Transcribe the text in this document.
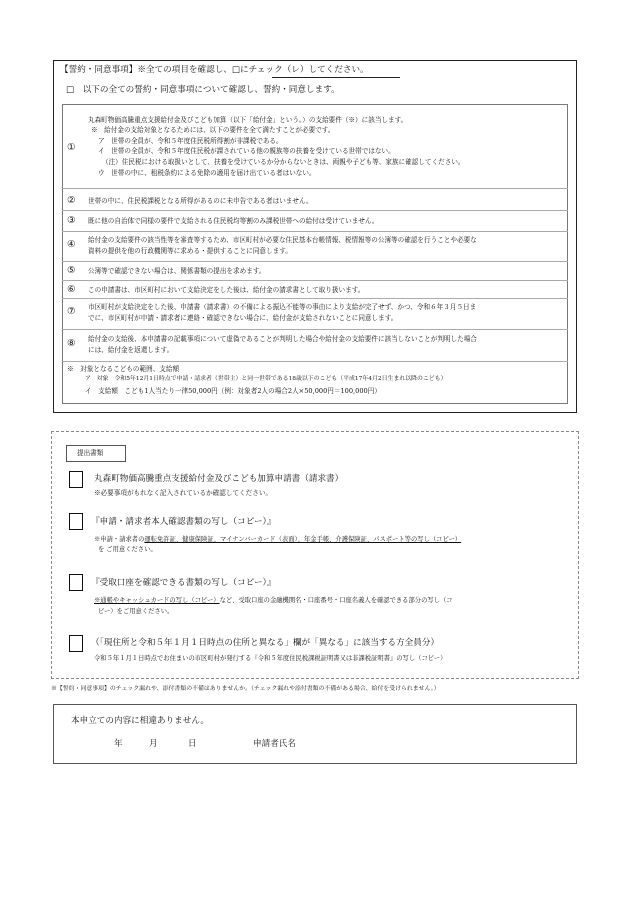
【誓約・同意事項】※全ての項目を確認し、□にチェック（レ）してください。
□　以下の全ての誓約・同意事項について確認し、誓約・同意します。
①
丸森町物価高騰重点支援給付金及びこども加算（以下「給付金」という。）の支給要件（※）に該当します。
※　給付金の支給対象となるためには、以下の要件を全て満たすことが必要です。
ア　世帯の全員が、令和５年度住民税所得割が非課税である。
イ　世帯の全員が、令和５年度住民税が課されている他の親族等の扶養を受けている世帯ではない。
（注）住民税における取扱いとして、扶養を受けているか分からないときは、両親や子ども等、家族に確認してください。
ウ　世帯の中に、租税条約による免除の適用を届け出ている者はいない。
② 世帯の中に、住民税課税となる所得があるのに未申告である者はいません。
③ 既に他の自治体で同様の要件で支給される住民税均等割のみ課税世帯への給付は受けていません。
④ 給付金の支給要件の該当性等を審査等するため、市区町村が必要な住民基本台帳情報、税情報等の公簿等の確認を行うことや必要な
資料の提供を他の行政機関等に求める・提供することに同意します。
⑤ 公簿等で確認できない場合は、関係書類の提出を求めます。
⑥ この申請書は、市区町村において支給決定をした後は、給付金の請求書として取り扱います。
⑦ 市区町村が支給決定をした後、申請書（請求書）の不備による振込不能等の事由により支給が完了せず、かつ、令和６年３月５日ま
でに、市区町村が申請・請求者に連絡・確認できない場合に、給付金が支給されないことに同意します。
⑧ 給付金の支給後、本申請書の記載事項について虚偽であることが判明した場合や給付金の支給要件に該当しないことが判明した場合
には、給付金を返還します。
※　対象となるこどもの範囲、支給額
ア　対象　令和5年12月1日時点で申請・請求者（世帯主）と同一世帯である18歳以下のこども（平成17年4月2日生まれ以降のこども）
イ　支給額　こども1人当たり一律50,000円（例：対象者2人の場合2人×50,000円＝100,000円）
提出書類
丸森町物価高騰重点支援給付金及びこども加算申請書（請求書）
※必要事項がもれなく記入されているか確認してください。
『申請・請求者本人確認書類の写し（コピー）』
※申請・請求者の運転免許証、健康保険証、マイナンバーカード（表面）、年金手帳、介護保険証、パスポート等の写し（コピー）
を ご用意ください。
『受取口座を確認できる書類の写し（コピー）』
※通帳やキャッシュカードの写し（コピー）など、受取口座の金融機関名・口座番号・口座名義人を確認できる部分の写し（コ
ピー）をご用意ください。
（「現住所と令和５年１月１日時点の住所と異なる」欄が「異なる」に該当する方全員分）
令和５年１月１日時点でお住まいの市区町村が発行する『令和５年度住民税課税証明書又は非課税証明書』の写し（コピー）
※【誓約・同意事項】のチェック漏れや、添付書類の不備はありませんか。（チェック漏れや添付書類の不備がある場合、給付を受けられません。）
本申立ての内容に相違ありません。
年	月	日	申請者氏名
